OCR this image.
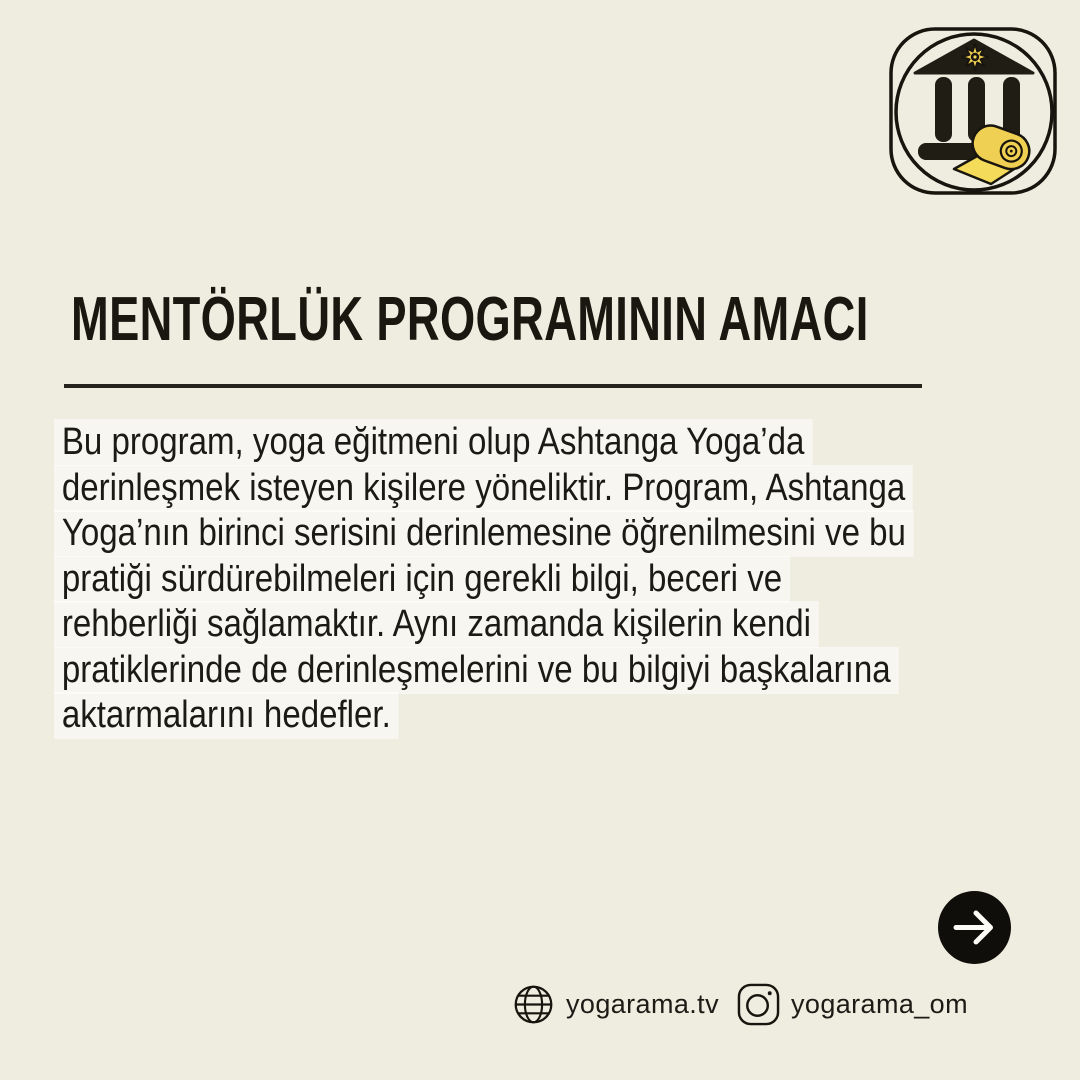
MENTÖRLÜK PROGRAMININ AMACI
Bu program, yoga eğitmeni olup Ashtanga Yoga’da
derinleşmek isteyen kişilere yöneliktir. Program, Ashtanga
Yoga’nın birinci serisini derinlemesine öğrenilmesini ve bu
pratiği sürdürebilmeleri için gerekli bilgi, beceri ve
rehberliği sağlamaktır. Aynı zamanda kişilerin kendi
pratiklerinde de derinleşmelerini ve bu bilgiyi başkalarına
aktarmalarını hedefler.
yogarama.tv	yogarama_om
